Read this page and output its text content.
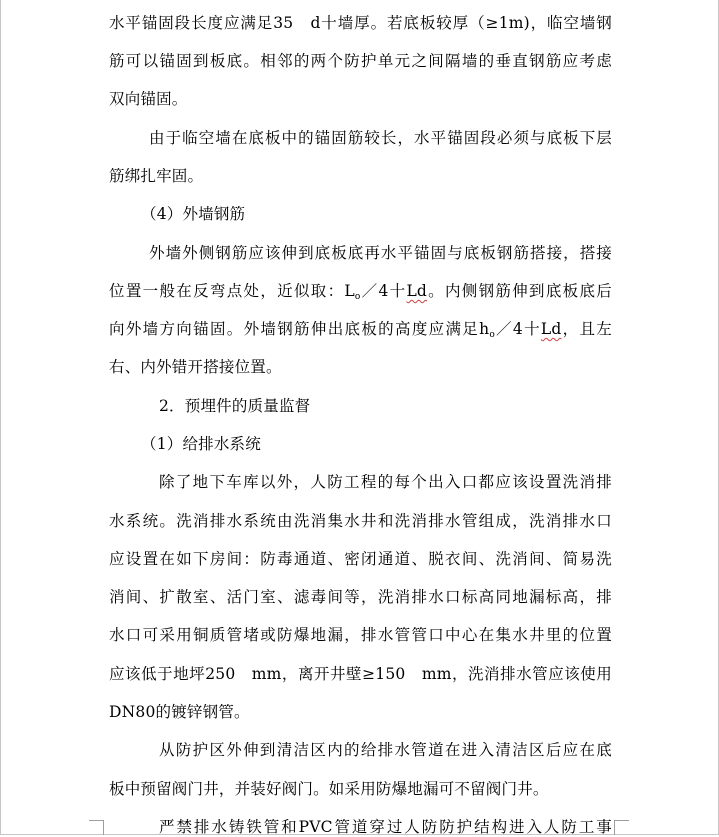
水平锚固段长度应满足35　d十墙厚。若底板较厚（≥1m)，临空墙钢
筋可以锚固到板底。相邻的两个防护单元之间隔墙的垂直钢筋应考虑
双向锚固。
由于临空墙在底板中的锚固筋较长，水平锚固段必须与底板下层
筋绑扎牢固。
（4）外墙钢筋
外墙外侧钢筋应该伸到底板底再水平锚固与底板钢筋搭接，搭接
位置一般在反弯点处，近似取：$L_o/4$十Ld。内侧钢筋伸到底板底后
向外墙方向锚固。外墙钢筋伸出底板的高度应满足$h_o/4$十Ld，且左
右、内外错开搭接位置。
2．预埋件的质量监督
（1）给排水系统
除了地下车库以外，人防工程的每个出入口都应该设置洗消排
水系统。洗消排水系统由洗消集水井和洗消排水管组成，洗消排水口
应设置在如下房间：防毒通道、密闭通道、脱衣间、洗消间、简易洗
消间、扩散室、活门室、滤毒间等，洗消排水口标高同地漏标高，排
水口可采用铜质管堵或防爆地漏，排水管管口中心在集水井里的位置
应该低于地坪250　mm，离开井壁≥150　mm，洗消排水管应该使用
DN80的镀锌钢管。
从防护区外伸到清洁区内的给排水管道在进入清洁区后应在底
板中预留阀门井，并装好阀门。如采用防爆地漏可不留阀门井。
严禁排水铸铁管和PVC管道穿过人防防护结构进入人防工事
